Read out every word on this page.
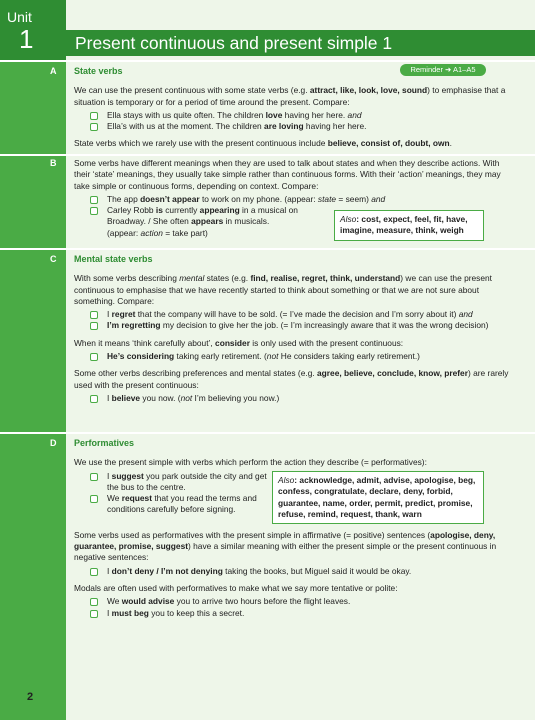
Unit
1 Present continuous and present simple 1
A
B
C
D
Reminder ➜ A1–A5
State verbs

We can use the present continuous with some state verbs (e.g. attract, like, look, love, sound) to emphasise that a situation is temporary or for a period of time around the present. Compare:

Ella stays with us quite often. The children love having her here. and
Ella’s with us at the moment. The children are loving having her here.

State verbs which we rarely use with the present continuous include believe, consist of, doubt, own.

Some verbs have different meanings when they are used to talk about states and when they describe actions. With their ‘state’ meanings, they usually take simple rather than continuous forms. With their ‘action’ meanings, they may take simple or continuous forms, depending on context. Compare:

The app doesn’t appear to work on my phone. (appear: state = seem) and
Carley Robb is currently appearing in a musical on Broadway. / She often appears in musicals. (appear: action = take part)
Also: cost, expect, feel, fit, have, imagine, measure, think, weigh
Mental state verbs

With some verbs describing mental states (e.g. find, realise, regret, think, understand) we can use the present continuous to emphasise that we have recently started to think about something or that we are not sure about something. Compare:

I regret that the company will have to be sold. (= I’ve made the decision and I’m sorry about it) and
I’m regretting my decision to give her the job. (= I’m increasingly aware that it was the wrong decision)

When it means ‘think carefully about’, consider is only used with the present continuous:

He’s considering taking early retirement. (not He considers taking early retirement.)

Some other verbs describing preferences and mental states (e.g. agree, believe, conclude, know, prefer) are rarely used with the present continuous:

I believe you now. (not I’m believing you now.)
Performatives

We use the present simple with verbs which perform the action they describe (= performatives):

I suggest you park outside the city and get the bus to the centre.
We request that you read the terms and conditions carefully before signing.
Also: acknowledge, admit, advise, apologise, beg, confess, congratulate, declare, deny, forbid, guarantee, name, order, permit, predict, promise, refuse, remind, request, thank, warn

Some verbs used as performatives with the present simple in affirmative (= positive) sentences (apologise, deny, guarantee, promise, suggest) have a similar meaning with either the present simple or the present continuous in negative sentences:

I don’t deny / I’m not denying taking the books, but Miguel said it would be okay.

Modals are often used with performatives to make what we say more tentative or polite:

We would advise you to arrive two hours before the flight leaves.
I must beg you to keep this a secret.
2
